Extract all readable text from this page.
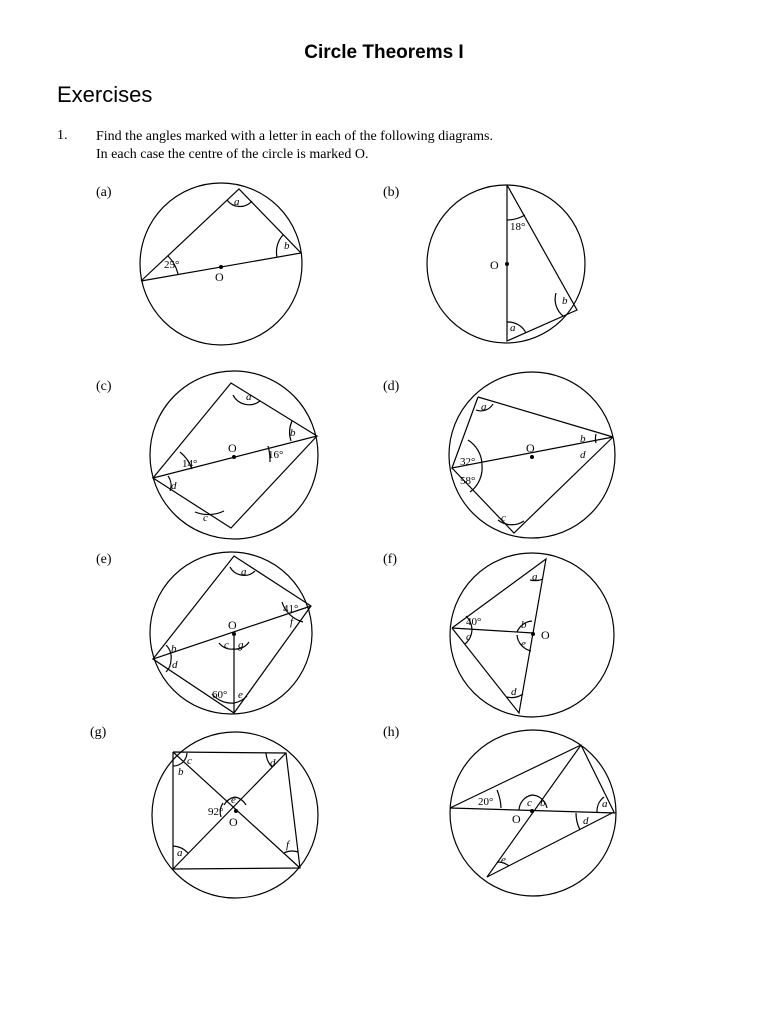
Circle Theorems I
Exercises
1. Find the angles marked with a letter in each of the following diagrams.
In each case the centre of the circle is marked O.
(a)
O
a
b
25°
(b)
O
18°
b
a
(c)
O
a
b
14°
16°
d
c
(d)
O
a
b
d
32°
58°
c
(e)
O
a
41°
f
b
d
c g
60° e
(f)
O
a
40°
c
b
e
d
(g)
O
b
c	d
e
92°
a
f
(h)
O
20°	c b	a
d
e
